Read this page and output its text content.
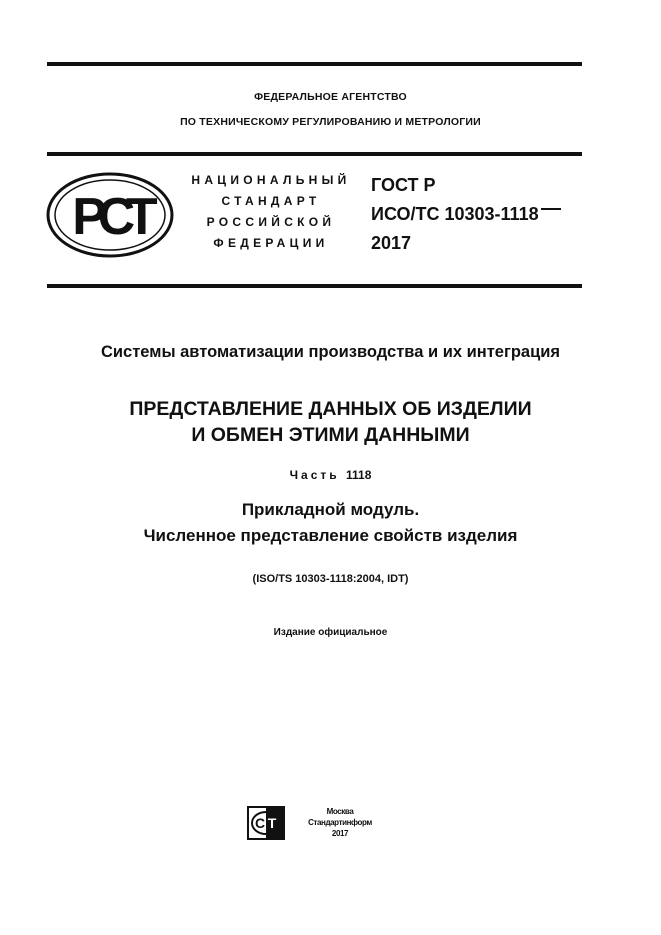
ФЕДЕРАЛЬНОЕ АГЕНТСТВО
ПО ТЕХНИЧЕСКОМУ РЕГУЛИРОВАНИЮ И МЕТРОЛОГИИ
РСТ
НАЦИОНАЛЬНЫЙ
СТАНДАРТ
РОССИЙСКОЙ
ФЕДЕРАЦИИ
ГОСТ Р
ИСО/ТС 10303-1118
2017
Системы автоматизации производства и их интеграция
ПРЕДСТАВЛЕНИЕ ДАННЫХ ОБ ИЗДЕЛИИ
И ОБМЕН ЭТИМИ ДАННЫМИ
Часть 1118
Прикладной модуль.
Численное представление свойств изделия
(ISO/TS 10303-1118:2004, IDT)
Издание официальное
С Т
Москва
Стандартинформ
2017
